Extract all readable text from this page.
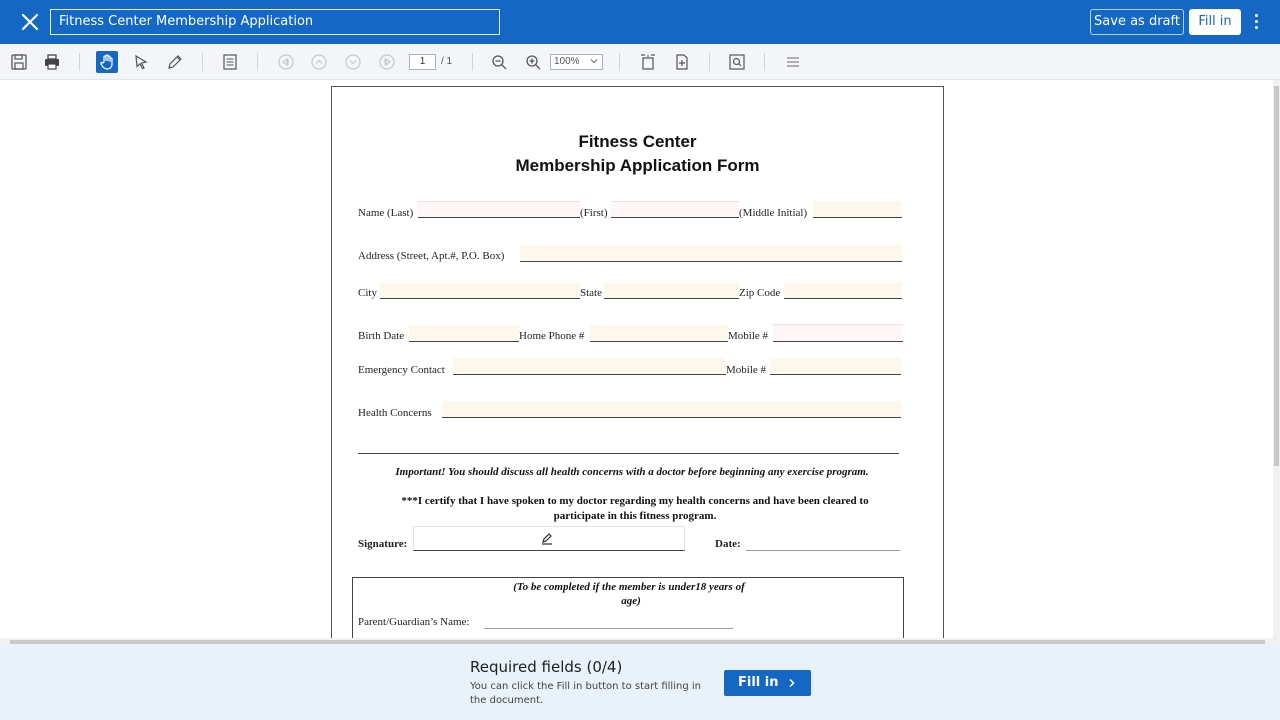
Fitness Center Membership Application	Save as draft	Fill in
1	/ 1	100%
Fitness Center
Membership Application Form
Name (Last)	(First)	(Middle Initial)
Address (Street, Apt.#, P.O. Box)
City	State	Zip Code
Birth Date	Home Phone #	Mobile #
Emergency Contact	Mobile #
Health Concerns
Important! You should discuss all health concerns with a doctor before beginning any exercise program.
***I certify that I have spoken to my doctor regarding my health concerns and have been cleared to
participate in this fitness program.
Signature:	Date:
(To be completed if the member is under18 years of
age)
Parent/Guardian’s Name:
Required fields (0/4)
You can click the Fill in button to start filling in the document.
Fill in
